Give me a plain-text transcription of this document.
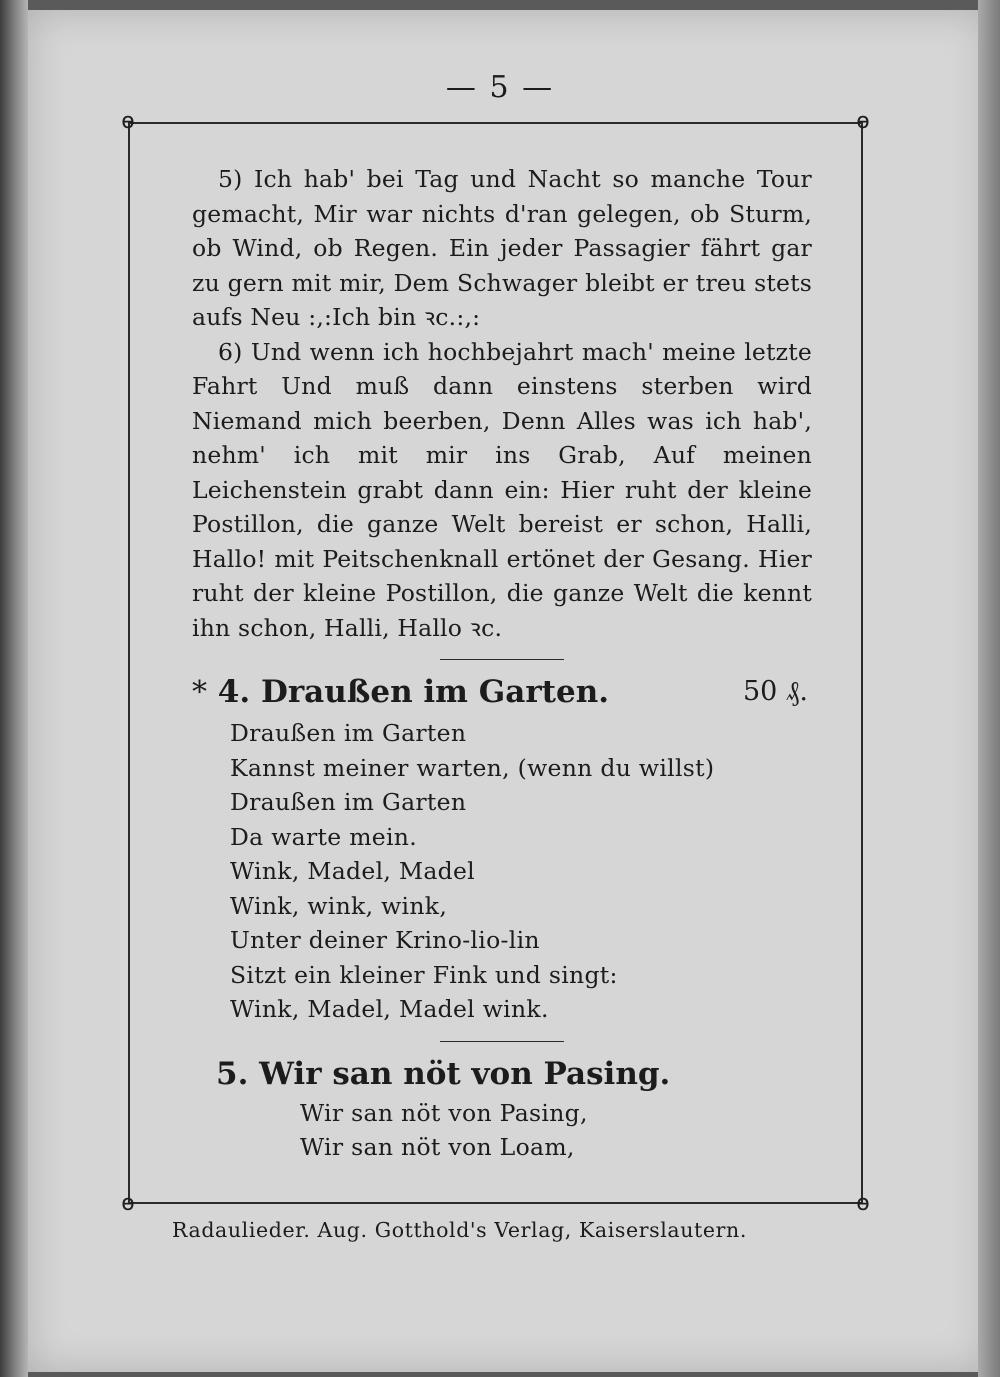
— 5 —
ɵ	ɵ
ɵ	ɵ

5) Ich hab' bei Tag und Nacht so manche Tour gemacht, Mir war nichts d'ran gelegen, ob Sturm, ob Wind, ob Regen. Ein jeder Passagier fährt gar zu gern mit mir, Dem Schwager bleibt er treu stets aufs Neu :,:Ich bin ꝛc.:,:

6) Und wenn ich hochbejahrt mach' meine letzte Fahrt Und muß dann einstens sterben wird Niemand mich beerben, Denn Alles was ich hab', nehm' ich mit mir ins Grab, Auf meinen Leichenstein grabt dann ein: Hier ruht der kleine Postillon, die ganze Welt bereist er schon, Halli, Hallo! mit Peitschenknall ertönet der Gesang. Hier ruht der kleine Postillon, die ganze Welt die kennt ihn schon, Halli, Hallo ꝛc.

* 4. Draußen im Garten.	50 ₰.
Draußen im Garten
Kannst meiner warten, (wenn du willst)
Draußen im Garten
Da warte mein.
Wink, Madel, Madel
Wink, wink, wink,
Unter deiner Krino-lio-lin
Sitzt ein kleiner Fink und singt:
Wink, Madel, Madel wink.
5. Wir san nöt von Pasing.
Wir san nöt von Pasing,
Wir san nöt von Loam,
Radaulieder. Aug. Gotthold's Verlag, Kaiserslautern.
